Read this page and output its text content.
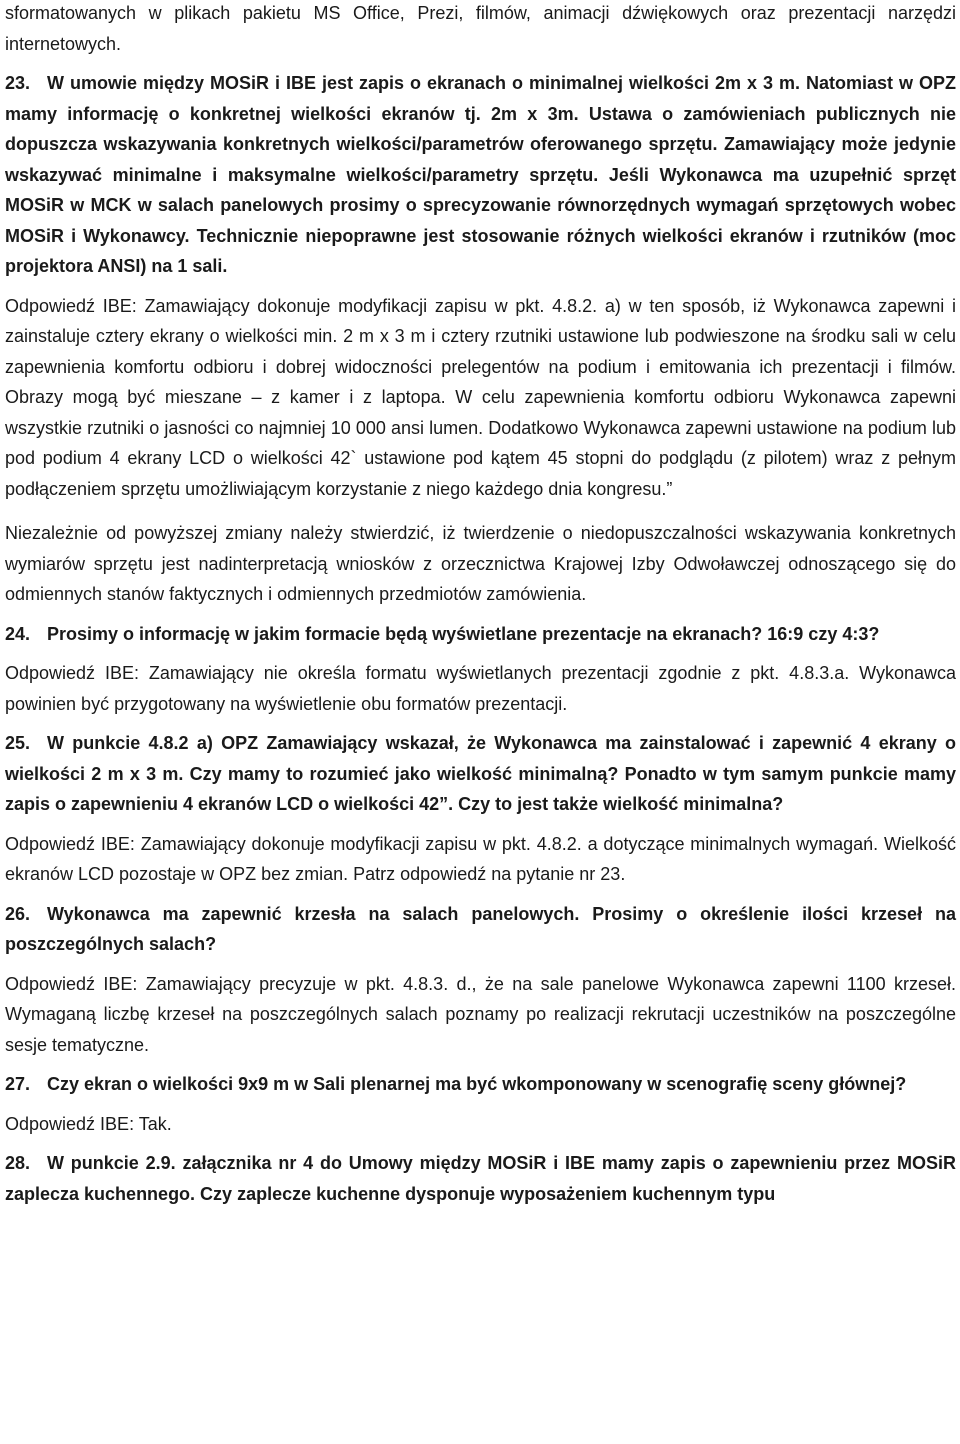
sformatowanych w plikach pakietu MS Office, Prezi, filmów, animacji dźwiękowych oraz prezentacji narzędzi internetowych.

23. W umowie między MOSiR i IBE jest zapis o ekranach o minimalnej wielkości 2m x 3 m. Natomiast w OPZ mamy informację o konkretnej wielkości ekranów tj. 2m x 3m. Ustawa o zamówieniach publicznych nie dopuszcza wskazywania konkretnych wielkości/parametrów oferowanego sprzętu. Zamawiający może jedynie wskazywać minimalne i maksymalne wielkości/parametry sprzętu. Jeśli Wykonawca ma uzupełnić sprzęt MOSiR w MCK w salach panelowych prosimy o sprecyzowanie równorzędnych wymagań sprzętowych wobec MOSiR i Wykonawcy. Technicznie niepoprawne jest stosowanie różnych wielkości ekranów i rzutników (moc projektora ANSI) na 1 sali.

Odpowiedź IBE: Zamawiający dokonuje modyfikacji zapisu w pkt. 4.8.2. a) w ten sposób, iż Wykonawca zapewni i zainstaluje cztery ekrany o wielkości min. 2 m x 3 m i cztery rzutniki ustawione lub podwieszone na środku sali w celu zapewnienia komfortu odbioru i dobrej widoczności prelegentów na podium i emitowania ich prezentacji i filmów. Obrazy mogą być mieszane – z kamer i z laptopa. W celu zapewnienia komfortu odbioru Wykonawca zapewni wszystkie rzutniki o jasności co najmniej 10 000 ansi lumen. Dodatkowo Wykonawca zapewni ustawione na podium lub pod podium 4 ekrany LCD o wielkości 42` ustawione pod kątem 45 stopni do podglądu (z pilotem) wraz z pełnym podłączeniem sprzętu umożliwiającym korzystanie z niego każdego dnia kongresu.”

Niezależnie od powyższej zmiany należy stwierdzić, iż twierdzenie o niedopuszczalności wskazywania konkretnych wymiarów sprzętu jest nadinterpretacją wniosków z orzecznictwa Krajowej Izby Odwoławczej odnoszącego się do odmiennych stanów faktycznych i odmiennych przedmiotów zamówienia.

24. Prosimy o informację w jakim formacie będą wyświetlane prezentacje na ekranach? 16:9 czy 4:3?

Odpowiedź IBE: Zamawiający nie określa formatu wyświetlanych prezentacji zgodnie z pkt. 4.8.3.a. Wykonawca powinien być przygotowany na wyświetlenie obu formatów prezentacji.

25. W punkcie 4.8.2 a) OPZ Zamawiający wskazał, że Wykonawca ma zainstalować i zapewnić 4 ekrany o wielkości 2 m x 3 m. Czy mamy to rozumieć jako wielkość minimalną? Ponadto w tym samym punkcie mamy zapis o zapewnieniu 4 ekranów LCD o wielkości 42”. Czy to jest także wielkość minimalna?

Odpowiedź IBE: Zamawiający dokonuje modyfikacji zapisu w pkt. 4.8.2. a dotyczące minimalnych wymagań. Wielkość ekranów LCD pozostaje w OPZ bez zmian. Patrz odpowiedź na pytanie nr 23.

26. Wykonawca ma zapewnić krzesła na salach panelowych. Prosimy o określenie ilości krzeseł na poszczególnych salach?

Odpowiedź IBE: Zamawiający precyzuje w pkt. 4.8.3. d., że na sale panelowe Wykonawca zapewni 1100 krzeseł. Wymaganą liczbę krzeseł na poszczególnych salach poznamy po realizacji rekrutacji uczestników na poszczególne sesje tematyczne.

27. Czy ekran o wielkości 9x9 m w Sali plenarnej ma być wkomponowany w scenografię sceny głównej?

Odpowiedź IBE: Tak.

28. W punkcie 2.9. załącznika nr 4 do Umowy między MOSiR i IBE mamy zapis o zapewnieniu przez MOSiR zaplecza kuchennego. Czy zaplecze kuchenne dysponuje wyposażeniem kuchennym typu
